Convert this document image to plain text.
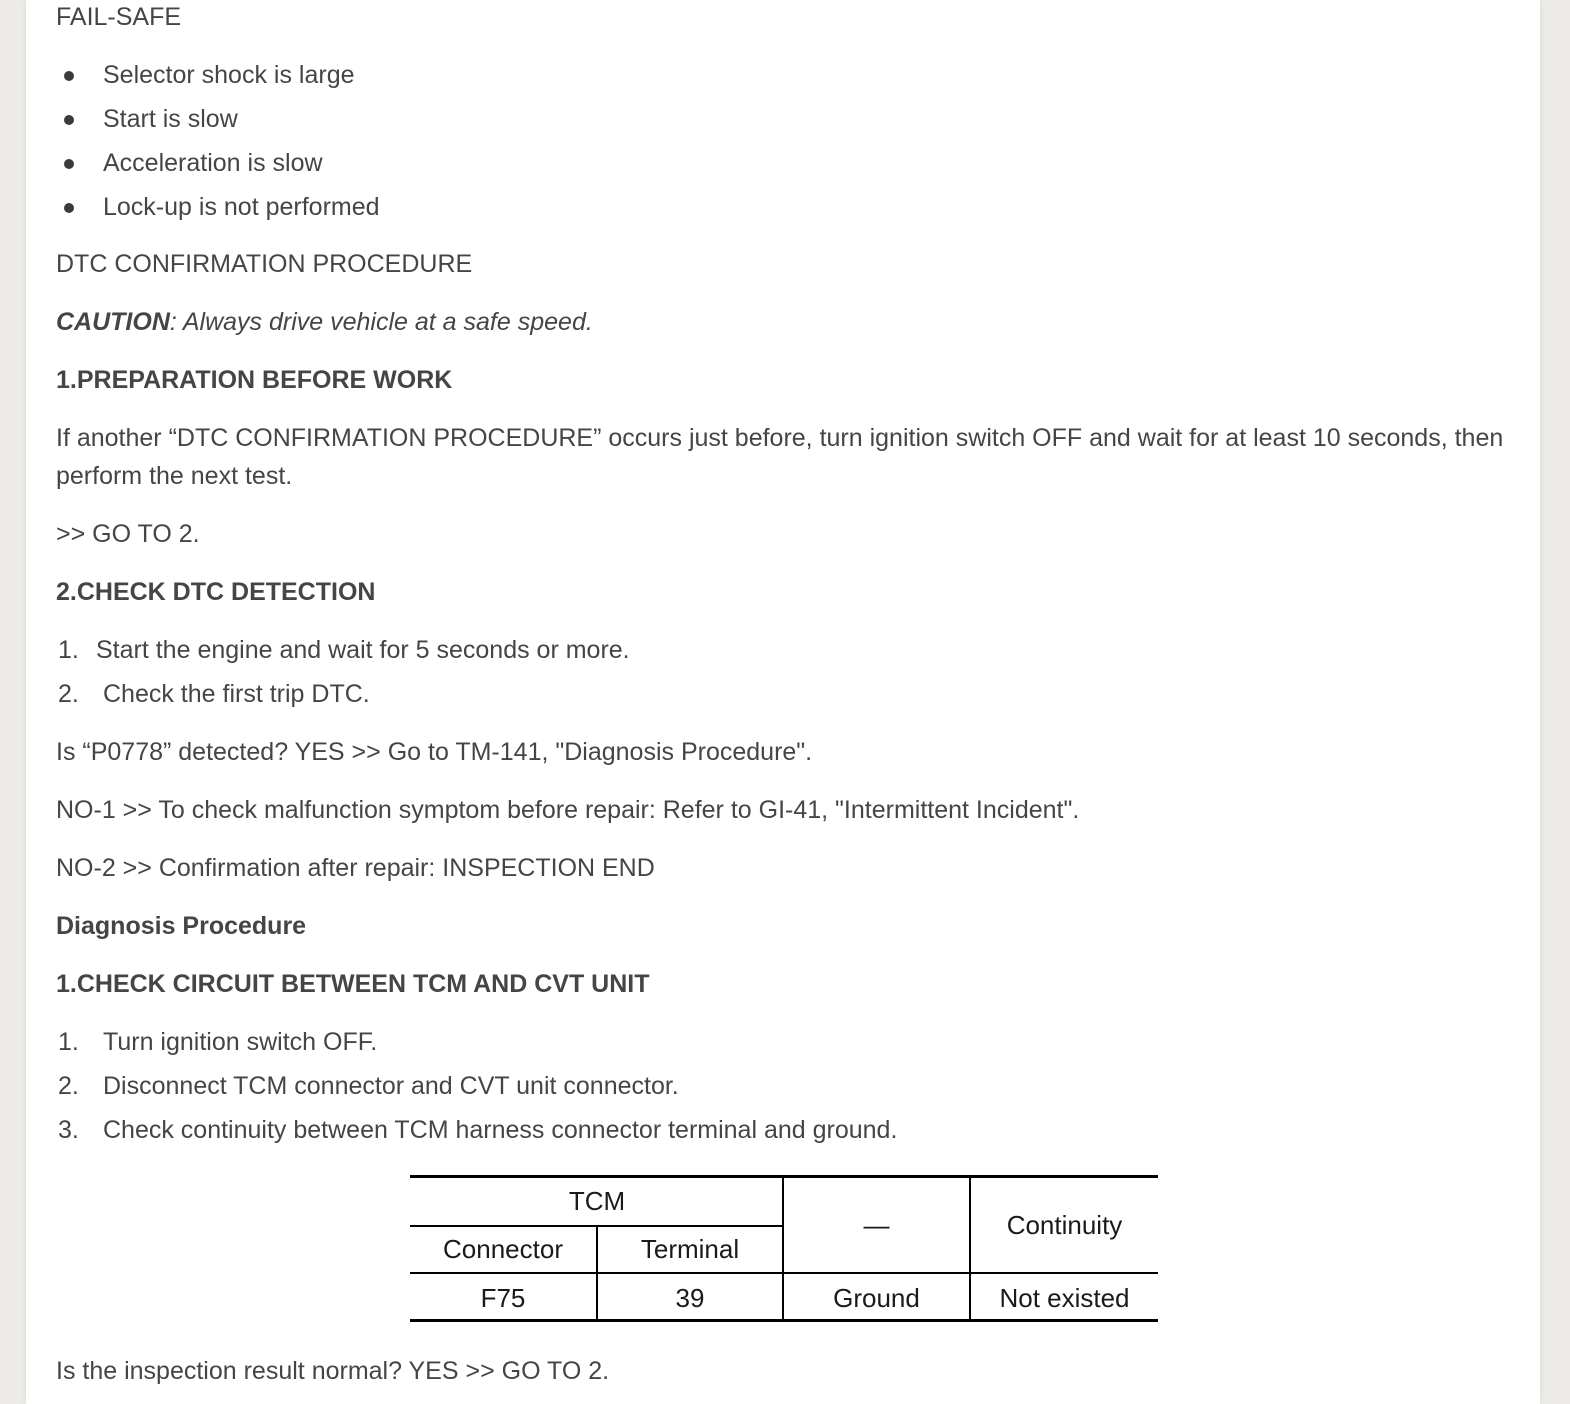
FAIL-SAFE

Selector shock is large
Start is slow
Acceleration is slow
Lock-up is not performed

DTC CONFIRMATION PROCEDURE

CAUTION: Always drive vehicle at a safe speed.

1.PREPARATION BEFORE WORK

If another “DTC CONFIRMATION PROCEDURE” occurs just before, turn ignition switch OFF and wait for at least 10 seconds, then perform the next test.

>> GO TO 2.

2.CHECK DTC DETECTION

1. Start the engine and wait for 5 seconds or more.
2. Check the first trip DTC.

Is “P0778” detected? YES >> Go to TM-141, "Diagnosis Procedure".

NO-1 >> To check malfunction symptom before repair: Refer to GI-41, "Intermittent Incident".

NO-2 >> Confirmation after repair: INSPECTION END

Diagnosis Procedure

1.CHECK CIRCUIT BETWEEN TCM AND CVT UNIT

1. Turn ignition switch OFF.
2. Disconnect TCM connector and CVT unit connector.
3. Check continuity between TCM harness connector terminal and ground.
TCM
Connector	Terminal
—	Continuity
F75	39	Ground	Not existed

Is the inspection result normal? YES >> GO TO 2.
